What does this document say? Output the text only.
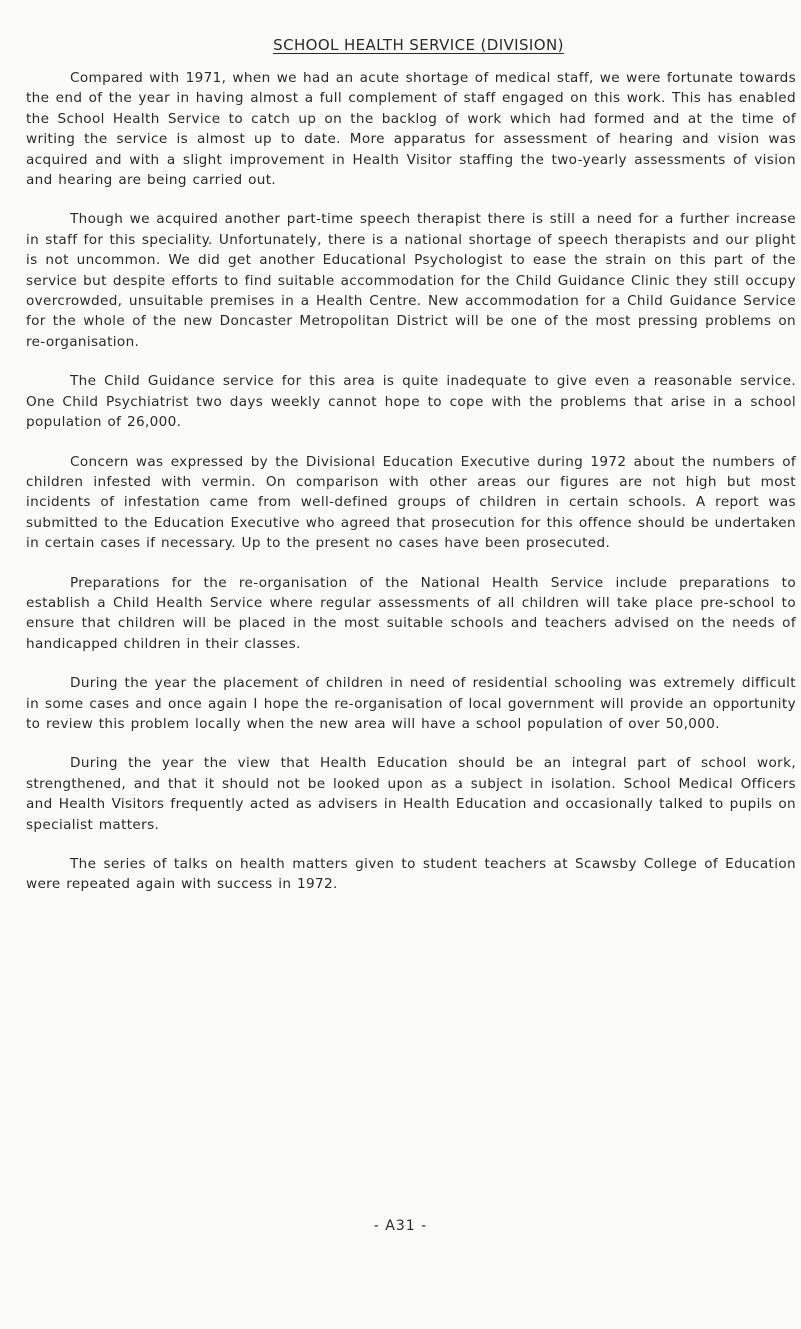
SCHOOL HEALTH SERVICE (DIVISION)

Compared with 1971, when we had an acute shortage of medical staff, we were fortunate towards the end of the year in having almost a full complement of staff engaged on this work. This has enabled the School Health Service to catch up on the backlog of work which had formed and at the time of writing the service is almost up to date. More apparatus for assessment of hearing and vision was acquired and with a slight improvement in Health Visitor staffing the two-yearly assessments of vision and hearing are being carried out.

Though we acquired another part-time speech therapist there is still a need for a further increase in staff for this speciality. Unfortunately, there is a national shortage of speech therapists and our plight is not uncommon. We did get another Educational Psychologist to ease the strain on this part of the service but despite efforts to find suitable accommodation for the Child Guidance Clinic they still occupy overcrowded, unsuitable premises in a Health Centre. New accommodation for a Child Guidance Service for the whole of the new Doncaster Metropolitan District will be one of the most pressing problems on re-organisation.

The Child Guidance service for this area is quite inadequate to give even a reasonable service. One Child Psychiatrist two days weekly cannot hope to cope with the problems that arise in a school population of 26,000.

Concern was expressed by the Divisional Education Executive during 1972 about the numbers of children infested with vermin. On comparison with other areas our figures are not high but most incidents of infestation came from well-defined groups of children in certain schools. A report was submitted to the Education Executive who agreed that prosecution for this offence should be undertaken in certain cases if necessary. Up to the present no cases have been prosecuted.

Preparations for the re-organisation of the National Health Service include preparations to establish a Child Health Service where regular assessments of all children will take place pre-school to ensure that children will be placed in the most suitable schools and teachers advised on the needs of handicapped children in their classes.

During the year the placement of children in need of residential schooling was extremely difficult in some cases and once again I hope the re-organisation of local government will provide an opportunity to review this problem locally when the new area will have a school population of over 50,000.

During the year the view that Health Education should be an integral part of school work, strengthened, and that it should not be looked upon as a subject in isolation. School Medical Officers and Health Visitors frequently acted as advisers in Health Education and occasionally talked to pupils on specialist matters.

The series of talks on health matters given to student teachers at Scawsby College of Education were repeated again with success in 1972.

- A31 -
